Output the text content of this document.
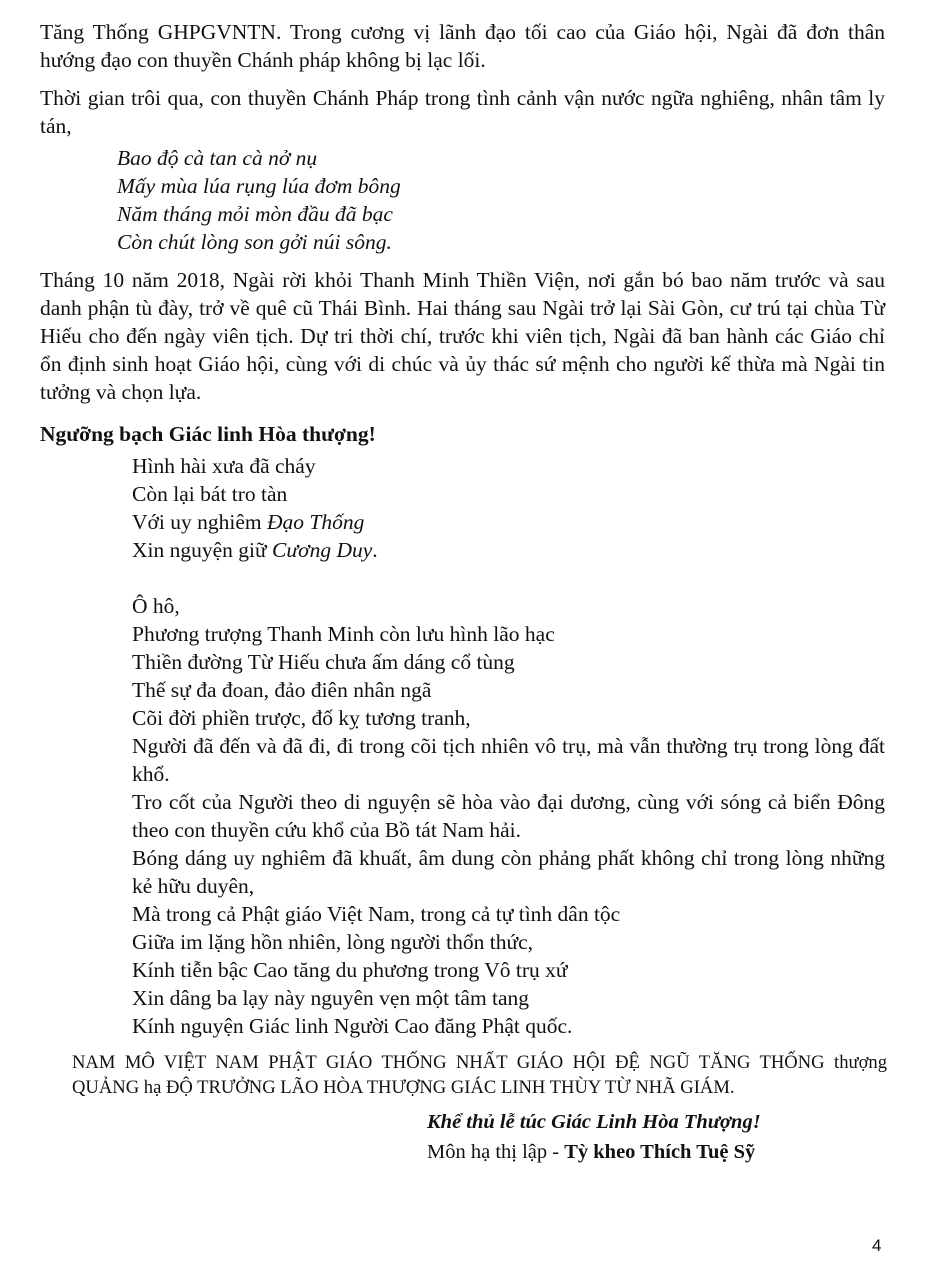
Tăng Thống GHPGVNTN. Trong cương vị lãnh đạo tối cao của Giáo hội, Ngài đã đơn thân hướng đạo con thuyền Chánh pháp không bị lạc lối.

Thời gian trôi qua, con thuyền Chánh Pháp trong tình cảnh vận nước ngữa nghiêng, nhân tâm ly tán,

Bao độ cà tan cà nở nụ
Mấy mùa lúa rụng lúa đơm bông
Năm tháng mỏi mòn đầu đã bạc
Còn chút lòng son gởi núi sông.

Tháng 10 năm 2018, Ngài rời khỏi Thanh Minh Thiền Viện, nơi gắn bó bao năm trước và sau danh phận tù đày, trở về quê cũ Thái Bình. Hai tháng sau Ngài trở lại Sài Gòn, cư trú tại chùa Từ Hiếu cho đến ngày viên tịch. Dự tri thời chí, trước khi viên tịch, Ngài đã ban hành các Giáo chỉ ổn định sinh hoạt Giáo hội, cùng với di chúc và ủy thác sứ mệnh cho người kế thừa mà Ngài tin tưởng và chọn lựa.

Ngưỡng bạch Giác linh Hòa thượng!

Hình hài xưa đã cháy
Còn lại bát tro tàn
Với uy nghiêm Đạo Thống
Xin nguyện giữ Cương Duy.
Ô hô,
Phương trượng Thanh Minh còn lưu hình lão hạc
Thiền đường Từ Hiếu chưa ấm dáng cổ tùng
Thế sự đa đoan, đảo điên nhân ngã
Cõi đời phiền trược, đố kỵ tương tranh,
Người đã đến và đã đi, đi trong cõi tịch nhiên vô trụ, mà vẫn thường trụ trong lòng đất khổ.
Tro cốt của Người theo di nguyện sẽ hòa vào đại dương, cùng với sóng cả biển Đông theo con thuyền cứu khổ của Bồ tát Nam hải.
Bóng dáng uy nghiêm đã khuất, âm dung còn phảng phất không chỉ trong lòng những kẻ hữu duyên,
Mà trong cả Phật giáo Việt Nam, trong cả tự tình dân tộc
Giữa im lặng hồn nhiên, lòng người thổn thức,
Kính tiễn bậc Cao tăng du phương trong Vô trụ xứ
Xin dâng ba lạy này nguyên vẹn một tâm tang
Kính nguyện Giác linh Người Cao đăng Phật quốc.
NAM MÔ VIỆT NAM PHẬT GIÁO THỐNG NHẤT GIÁO HỘI ĐỆ NGŨ TĂNG THỐNG thượng QUẢNG hạ ĐỘ TRƯỞNG LÃO HÒA THƯỢNG GIÁC LINH THÙY TỪ NHÃ GIÁM.
Khể thủ lễ túc Giác Linh Hòa Thượng!
Môn hạ thị lập - Tỳ kheo Thích Tuệ Sỹ
4
